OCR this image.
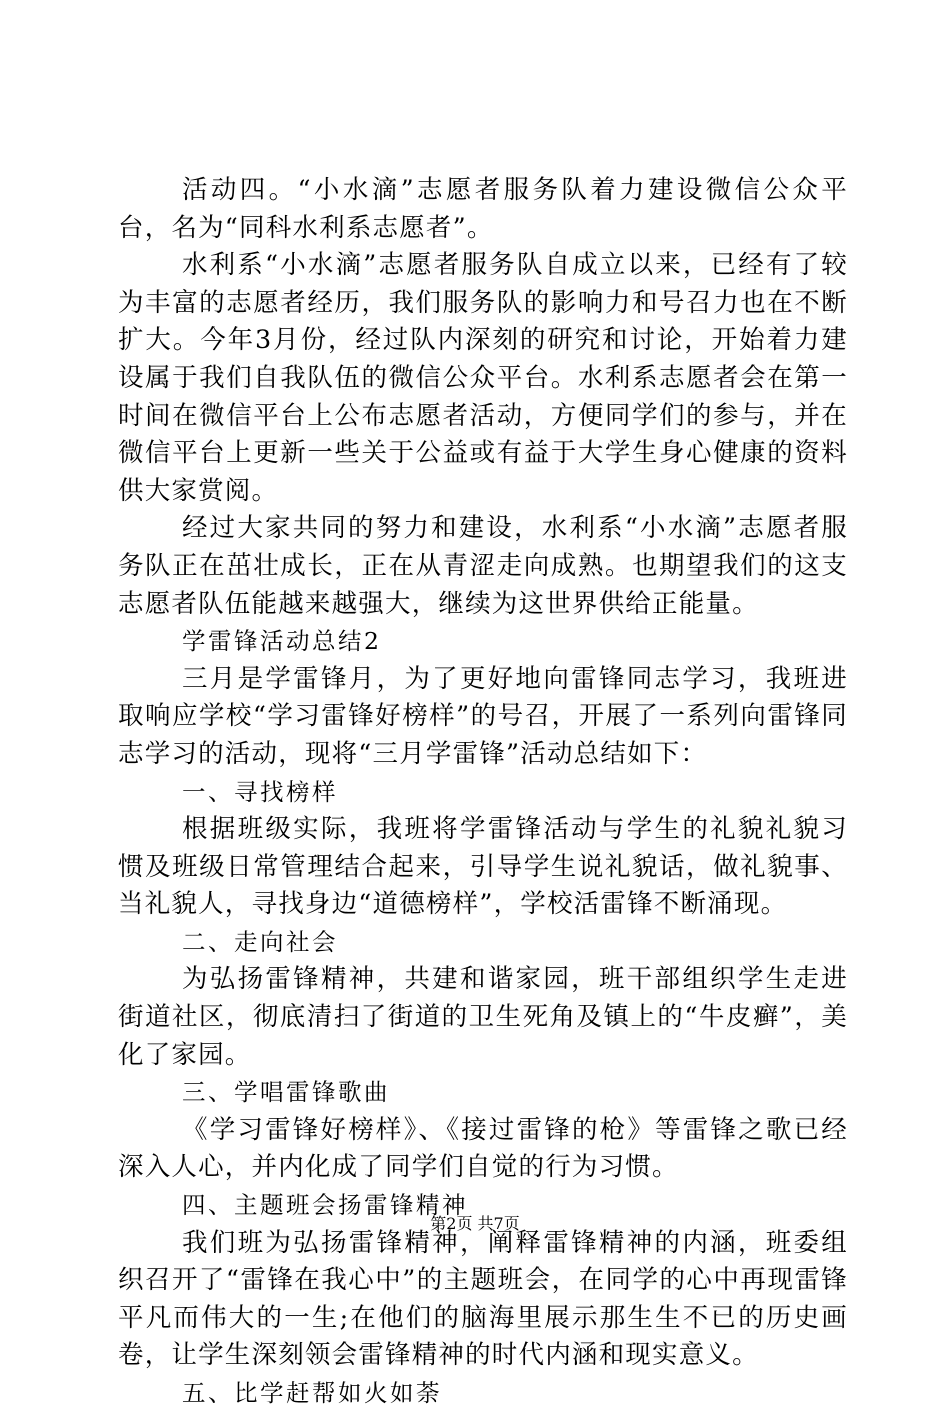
活动四。“小水滴”志愿者服务队着力建设微信公众平台，名为“同科水利系志愿者”。

水利系“小水滴”志愿者服务队自成立以来，已经有了较为丰富的志愿者经历，我们服务队的影响力和号召力也在不断扩大。今年3月份，经过队内深刻的研究和讨论，开始着力建设属于我们自我队伍的微信公众平台。水利系志愿者会在第一时间在微信平台上公布志愿者活动，方便同学们的参与，并在微信平台上更新一些关于公益或有益于大学生身心健康的资料供大家赏阅。

经过大家共同的努力和建设，水利系“小水滴”志愿者服务队正在茁壮成长，正在从青涩走向成熟。也期望我们的这支志愿者队伍能越来越强大，继续为这世界供给正能量。

学雷锋活动总结2

三月是学雷锋月，为了更好地向雷锋同志学习，我班进取响应学校“学习雷锋好榜样”的号召，开展了一系列向雷锋同志学习的活动，现将“三月学雷锋”活动总结如下：

一、寻找榜样

根据班级实际，我班将学雷锋活动与学生的礼貌礼貌习惯及班级日常管理结合起来，引导学生说礼貌话，做礼貌事、当礼貌人，寻找身边“道德榜样”，学校活雷锋不断涌现。

二、走向社会

为弘扬雷锋精神，共建和谐家园，班干部组织学生走进街道社区，彻底清扫了街道的卫生死角及镇上的“牛皮癣”，美化了家园。

三、学唱雷锋歌曲

《学习雷锋好榜样》、《接过雷锋的枪》等雷锋之歌已经深入人心，并内化成了同学们自觉的行为习惯。

四、主题班会扬雷锋精神

我们班为弘扬雷锋精神，阐释雷锋精神的内涵，班委组织召开了“雷锋在我心中”的主题班会，在同学的心中再现雷锋平凡而伟大的一生;在他们的脑海里展示那生生不已的历史画卷，让学生深刻领会雷锋精神的时代内涵和现实意义。

五、比学赶帮如火如荼

第2页 共7页
